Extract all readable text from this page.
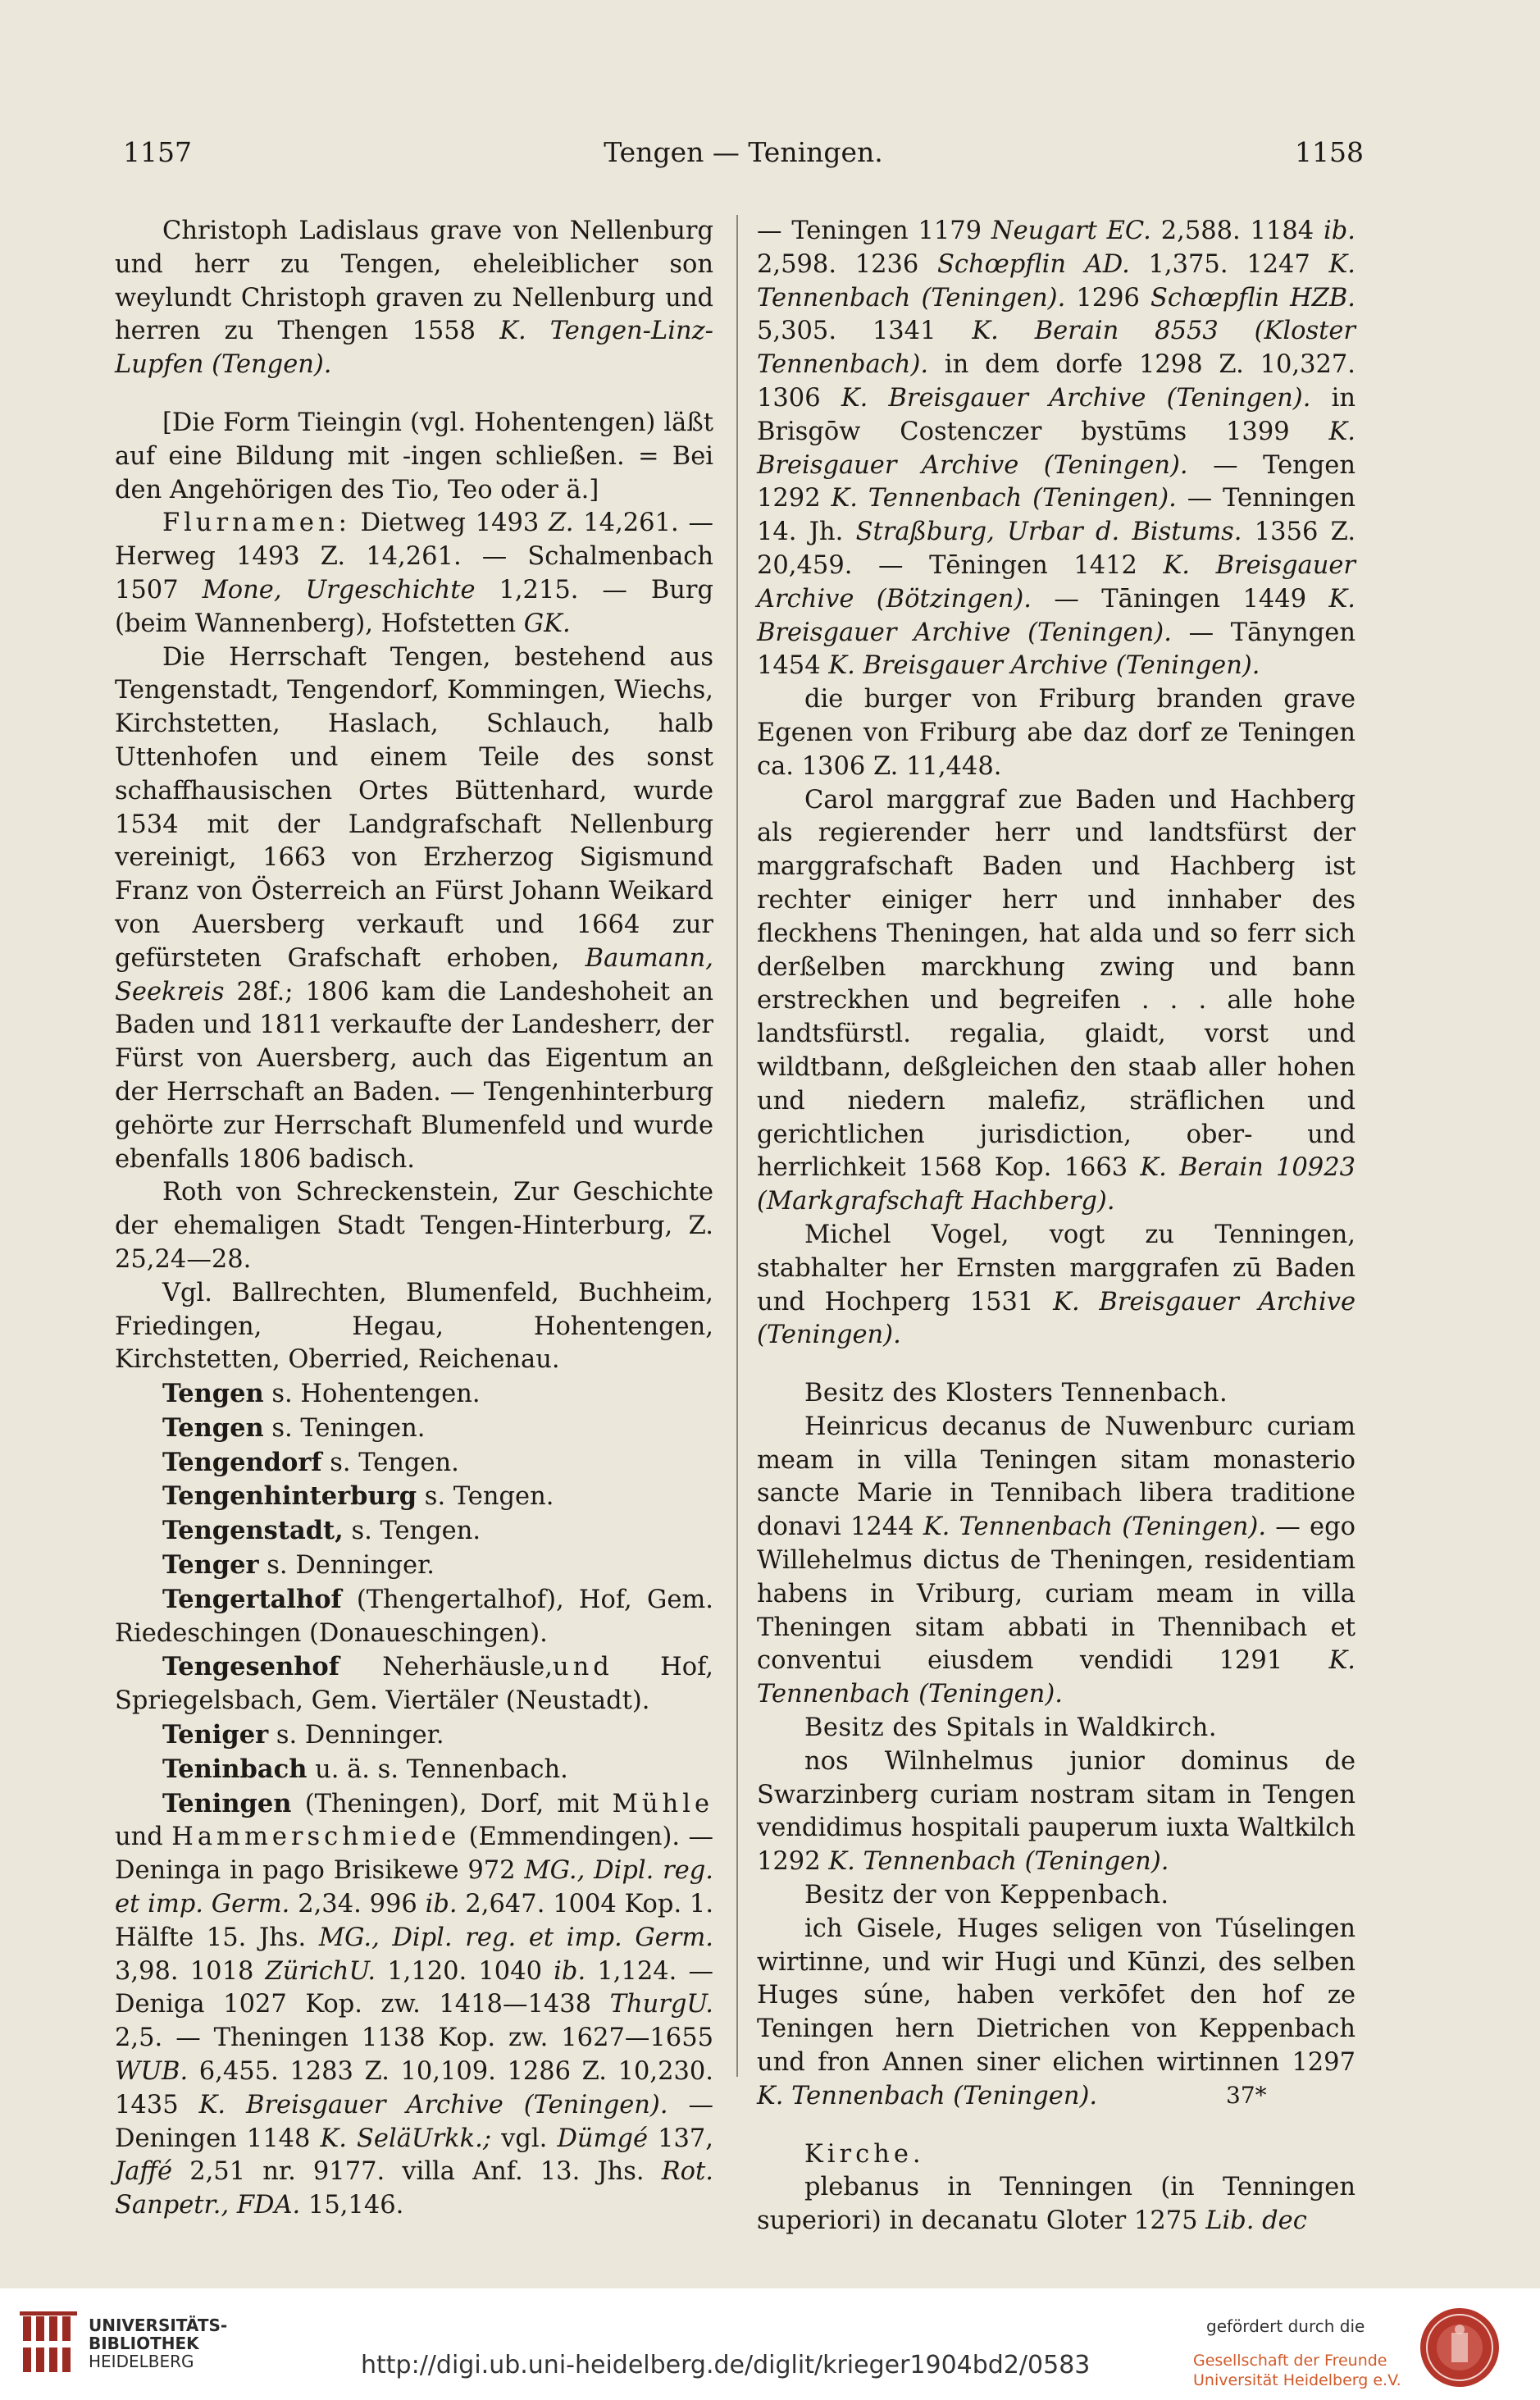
1157	Tengen — Teningen.	1158

Christoph Ladislaus grave von Nellenburg und herr zu Tengen, eheleiblicher son weylundt Christoph graven zu Nellenburg und herren zu Thengen 1558 K. Tengen-Linz-Lupfen (Tengen).

[Die Form Tieingin (vgl. Hohentengen) läßt auf eine Bildung mit -ingen schließen. = Bei den Angehörigen des Tio, Teo oder ä.]

Flurnamen: Dietweg 1493 Z. 14,261. — Herweg 1493 Z. 14,261. — Schalmenbach 1507 Mone, Urgeschichte 1,215. — Burg (beim Wannenberg), Hofstetten GK.

Die Herrschaft Tengen, bestehend aus Tengenstadt, Tengendorf, Kommingen, Wiechs, Kirchstetten, Haslach, Schlauch, halb Uttenhofen und einem Teile des sonst schaffhausischen Ortes Büttenhard, wurde 1534 mit der Landgrafschaft Nellenburg vereinigt, 1663 von Erzherzog Sigismund Franz von Österreich an Fürst Johann Weikard von Auersberg verkauft und 1664 zur gefürsteten Grafschaft erhoben, Baumann, Seekreis 28f.; 1806 kam die Landeshoheit an Baden und 1811 verkaufte der Landesherr, der Fürst von Auersberg, auch das Eigentum an der Herrschaft an Baden. — Tengenhinterburg gehörte zur Herrschaft Blumenfeld und wurde ebenfalls 1806 badisch.

Roth von Schreckenstein, Zur Geschichte der ehemaligen Stadt Tengen-Hinterburg, Z. 25,24—28.

Vgl. Ballrechten, Blumenfeld, Buchheim, Friedingen, Hegau, Hohentengen, Kirchstetten, Oberried, Reichenau.

Tengen s. Hohentengen.

Tengen s. Teningen.

Tengendorf s. Tengen.

Tengenhinterburg s. Tengen.

Tengenstadt, s. Tengen.

Tenger s. Denninger.

Tengertalhof (Thengertalhof), Hof, Gem. Riedeschingen (Donaueschingen).

Tengesenhof Neherhäusle,und Hof, Spriegelsbach, Gem. Viertäler (Neustadt).

Teniger s. Denninger.

Teninbach u. ä. s. Tennenbach.

Teningen (Theningen), Dorf, mit Mühle und Hammerschmiede (Emmendingen). — Deninga in pago Brisikewe 972 MG., Dipl. reg. et imp. Germ. 2,34. 996 ib. 2,647. 1004 Kop. 1. Hälfte 15. Jhs. MG., Dipl. reg. et imp. Germ. 3,98. 1018 ZürichU. 1,120. 1040 ib. 1,124. — Deniga 1027 Kop. zw. 1418—1438 ThurgU. 2,5. — Theningen 1138 Kop. zw. 1627—1655 WUB. 6,455. 1283 Z. 10,109. 1286 Z. 10,230. 1435 K. Breisgauer Archive (Teningen). — Deningen 1148 K. SeläUrkk.; vgl. Dümgé 137, Jaffé 2,51 nr. 9177. villa Anf. 13. Jhs. Rot. Sanpetr., FDA. 15,146.

— Teningen 1179 Neugart EC. 2,588. 1184 ib. 2,598. 1236 Schœpflin AD. 1,375. 1247 K. Tennenbach (Teningen). 1296 Schœpflin HZB. 5,305. 1341 K. Berain 8553 (Kloster Tennenbach). in dem dorfe 1298 Z. 10,327. 1306 K. Breisgauer Archive (Teningen). in Brisgōw Costenczer bystūms 1399 K. Breisgauer Archive (Teningen). — Tengen 1292 K. Tennenbach (Teningen). — Tenningen 14. Jh. Straßburg, Urbar d. Bistums. 1356 Z. 20,459. — Tēningen 1412 K. Breisgauer Archive (Bötzingen). — Tāningen 1449 K. Breisgauer Archive (Teningen). — Tānyngen 1454 K. Breisgauer Archive (Teningen).

die burger von Friburg branden grave Egenen von Friburg abe daz dorf ze Teningen ca. 1306 Z. 11,448.

Carol marggraf zue Baden und Hachberg als regierender herr und landtsfürst der marggrafschaft Baden und Hachberg ist rechter einiger herr und innhaber des fleckhens Theningen, hat alda und so ferr sich derßelben marckhung zwing und bann erstreckhen und begreifen . . . alle hohe landtsfürstl. regalia, glaidt, vorst und wildtbann, deßgleichen den staab aller hohen und niedern malefiz, sträflichen und gerichtlichen jurisdiction, ober- und herrlichkeit 1568 Kop. 1663 K. Berain 10923 (Markgrafschaft Hachberg).

Michel Vogel, vogt zu Tenningen, stabhalter her Ernsten marggrafen zū Baden und Hochperg 1531 K. Breisgauer Archive (Teningen).

Besitz des Klosters Tennenbach.

Heinricus decanus de Nuwenburc curiam meam in villa Teningen sitam monasterio sancte Marie in Tennibach libera traditione donavi 1244 K. Tennenbach (Teningen). — ego Willehelmus dictus de Theningen, residentiam habens in Vriburg, curiam meam in villa Theningen sitam abbati in Thennibach et conventui eiusdem vendidi 1291 K. Tennenbach (Teningen).

Besitz des Spitals in Waldkirch.

nos Wilnhelmus junior dominus de Swarzinberg curiam nostram sitam in Tengen vendidimus hospitali pauperum iuxta Waltkilch 1292 K. Tennenbach (Teningen).

Besitz der von Keppenbach.

ich Gisele, Huges seligen von Túselingen wirtinne, und wir Hugi und Kūnzi, des selben Huges súne, haben verkōfet den hof ze Teningen hern Dietrichen von Keppenbach und fron Annen siner elichen wirtinnen 1297 K. Tennenbach (Teningen).

Kirche.

plebanus in Tenningen (in Tenningen superiori) in decanatu Gloter 1275 Lib. dec

37*
UNIVERSITÄTS-
BIBLIOTHEK
HEIDELBERG	http://digi.ub.uni-heidelberg.de/diglit/krieger1904bd2/0583
gefördert durch die
Gesellschaft der Freunde
Universität Heidelberg e.V.
